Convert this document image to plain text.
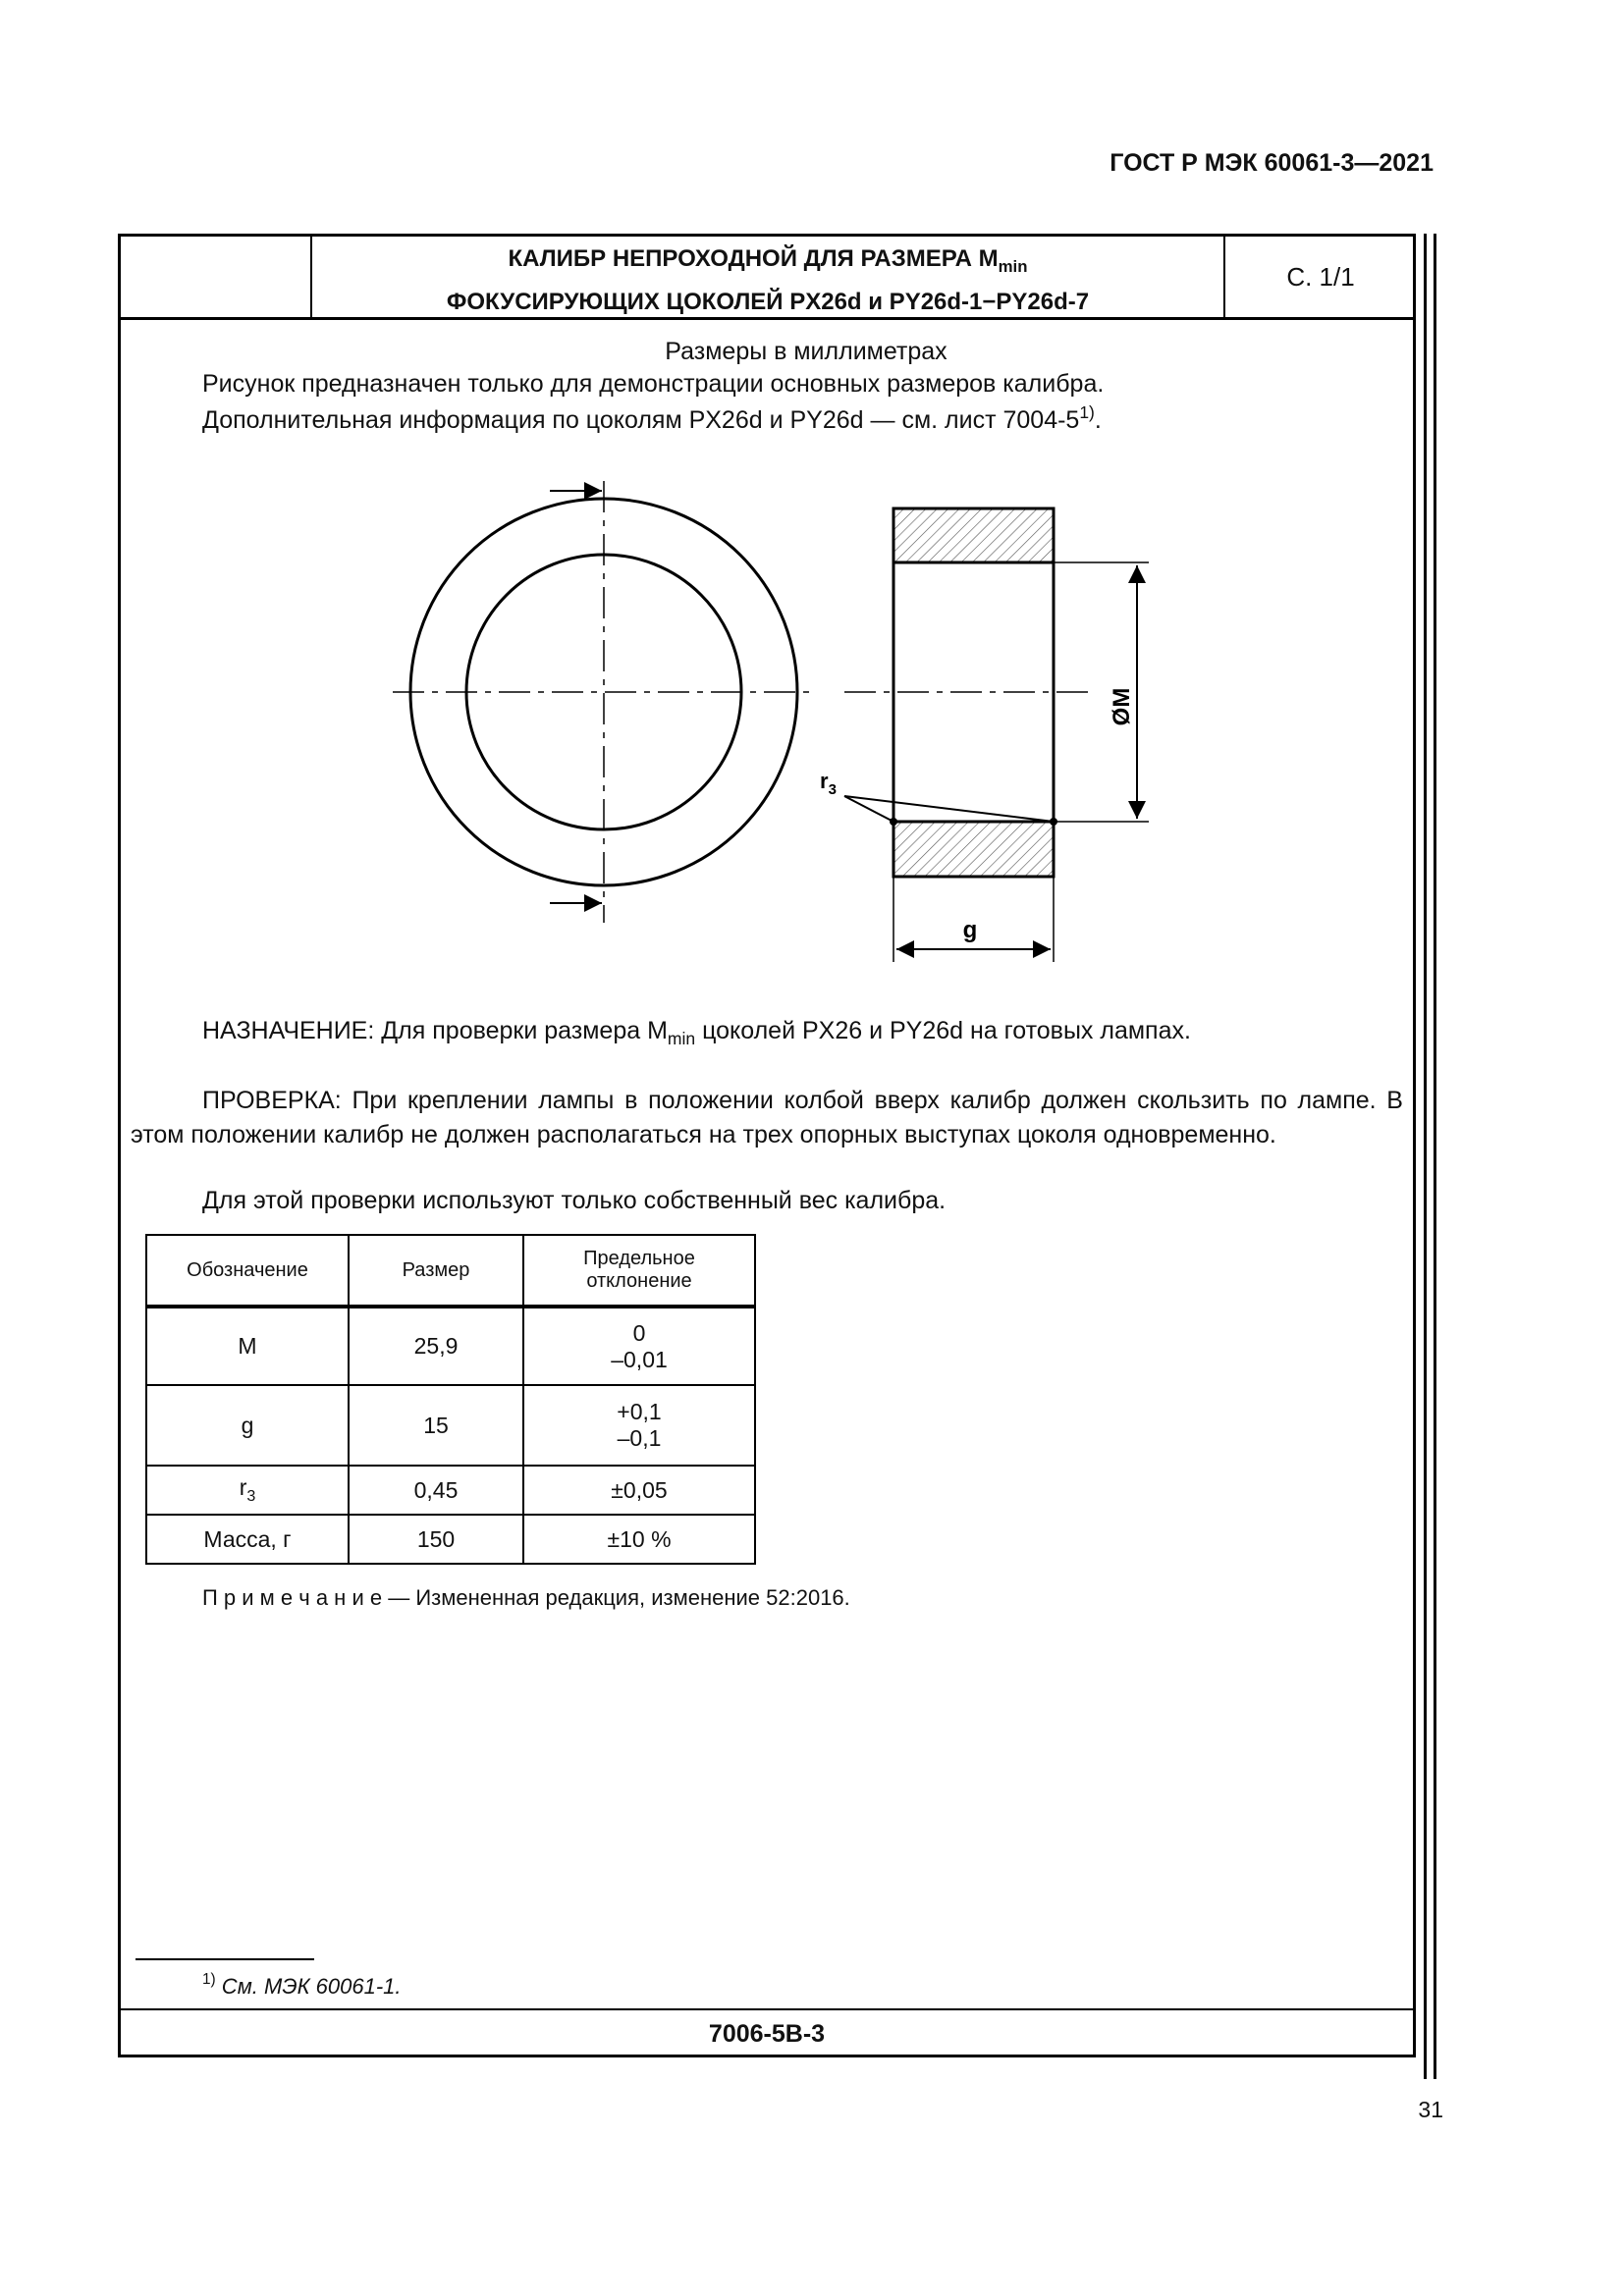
ГОСТ Р МЭК 60061-3—2021
КАЛИБР НЕПРОХОДНОЙ ДЛЯ РАЗМЕРА $M_{min}$
ФОКУСИРУЮЩИХ ЦОКОЛЕЙ PX26d и PY26d-1−PY26d-7
С. 1/1
Размеры в миллиметрах
Рисунок предназначен только для демонстрации основных размеров калибра.
Дополнительная информация по цоколям PX26d и PY26d — см. лист 7004-5$^{1)}$.
ØM
g
$r_3$
НАЗНАЧЕНИЕ: Для проверки размера $M_{min}$ цоколей PX26 и PY26d на готовых лампах.
ПРОВЕРКА: При креплении лампы в положении колбой вверх калибр должен скользить по лампе. В этом положении калибр не должен располагаться на трех опорных выступах цоколя одновременно.
Для этой проверки используют только собственный вес калибра.
Обозначение	Размер	Предельное
отклонение

M	25,9	0
–0,01

g	15	+0,1
–0,1

$r_3$	0,45	±0,05
Масса, г	150	±10 %
П р и м е ч а н и е — Измененная редакция, изменение 52:2016.
$^{1)}$ См. МЭК 60061-1.
7006-5B-3
31
